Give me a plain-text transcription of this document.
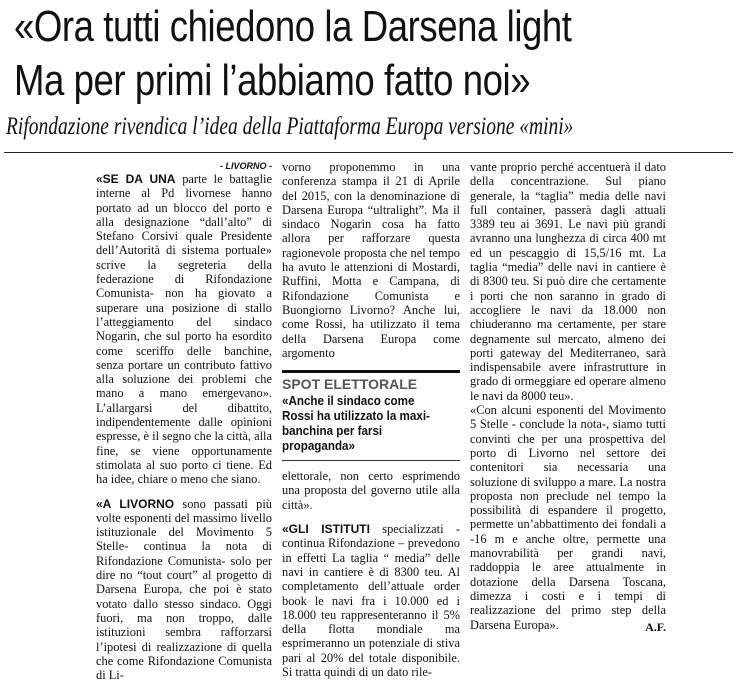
«Ora tutti chiedono la Darsena light
Ma per primi l’abbiamo fatto noi»
Rifondazione rivendica l’idea della Piattaforma Europa versione «mini»
- LIVORNO -

«SE DA UNA parte le battaglie interne al Pd livornese hanno portato ad un blocco del porto e alla designazione “dall’alto” di Stefano Corsivi quale Presidente dell’Autorità di sistema portuale» scrive la segreteria della federazione di Rifondazione Comunista- non ha giovato a superare una posizione di stallo l’atteggiamento del sindaco Nogarin, che sul porto ha esordito come sceriffo delle banchine, senza portare un contributo fattivo alla soluzione dei problemi che mano a mano emergevano». L’allargarsi del dibattito, indipendentemente dalle opinioni espresse, è il segno che la città, alla fine, se viene opportunamente stimolata al suo porto ci tiene. Ed ha idee, chiare o meno che siano.

«A LIVORNO sono passati più volte esponenti del massimo livello istituzionale del Movimento 5 Stelle- continua la nota di Rifondazione Comunista- solo per dire no “tout court” al progetto di Darsena Europa, che poi è stato votato dallo stesso sindaco. Oggi fuori, ma non troppo, dalle istituzioni sembra rafforzarsi l’ipotesi di realizzazione di quella che come Rifondazione Comunista di Li-

vorno proponemmo in una conferenza stampa il 21 di Aprile del 2015, con la denominazione di Darsena Europa “ultralight”. Ma il sindaco Nogarin cosa ha fatto allora per rafforzare questa ragionevole proposta che nel tempo ha avuto le attenzioni di Mostardi, Ruffini, Motta e Campana, di Rifondazione Comunista e Buongiorno Livorno? Anche lui, come Rossi, ha utilizzato il tema della Darsena Europa come argomento

SPOT ELETTORALE
«Anche il sindaco come Rossi ha utilizzato la maxi-banchina per farsi propaganda»

elettorale, non certo esprimendo una proposta del governo utile alla città».

«GLI ISTITUTI specializzati - continua Rifondazione – prevedono in effetti La taglia “ media” delle navi in cantiere è di 8300 teu. Al completamento dell’attuale order book le navi fra i 10.000 ed i 18.000 teu rappresenteranno il 5% della flotta mondiale ma esprimeranno un potenziale di stiva pari al 20% del totale disponibile. Si tratta quindi di un dato rile-

vante proprio perché accentuerà il dato della concentrazione. Sul piano generale, la “taglia” media delle navi full container, passerà dagli attuali 3389 teu ai 3691. Le navi più grandi avranno una lunghezza di circa 400 mt ed un pescaggio di 15,5/16 mt. La taglia “media” delle navi in cantiere è di 8300 teu. Si può dire che certamente i porti che non saranno in grado di accogliere le navi da 18.000 non chiuderanno ma certamente, per stare degnamente sul mercato, almeno dei porti gateway del Mediterraneo, sarà indispensabile avere infrastrutture in grado di ormeggiare ed operare almeno le navi da 8000 teu».

«Con alcuni esponenti del Movimento 5 Stelle - conclude la nota-, siamo tutti convinti che per una prospettiva del porto di Livorno nel settore dei contenitori sia necessaria una soluzione di sviluppo a mare. La nostra proposta non preclude nel tempo la possibilità di espandere il progetto, permette un’abbattimento dei fondali a -16 m e anche oltre, permette una manovrabilità per grandi navi, raddoppia le aree attualmente in dotazione della Darsena Toscana, dimezza i costi e i tempi di realizzazione del primo step della Darsena Europa».	A.F.
